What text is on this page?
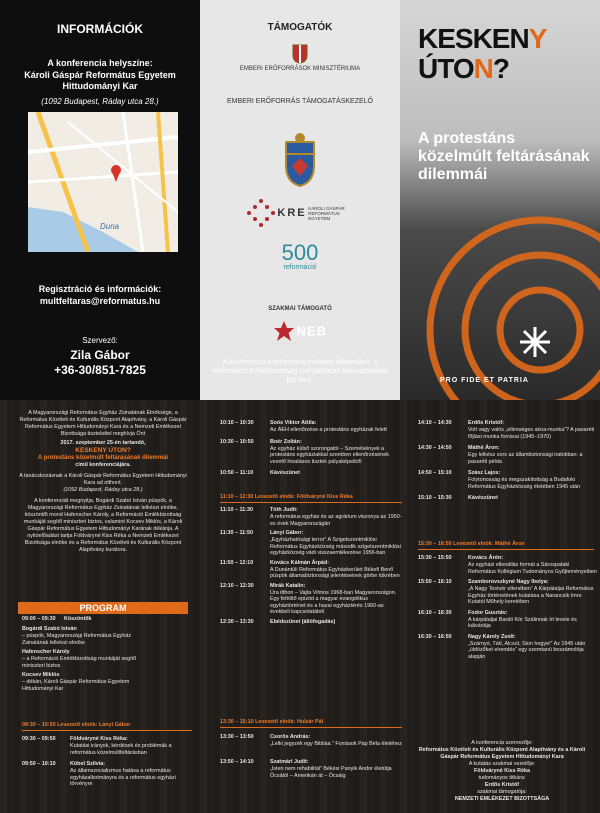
INFORMÁCIÓK
A konferencia helyszíne:
Károli Gáspár Református Egyetem Hittudományi Kar
(1092 Budapest, Ráday utca 28.)
Duna
Regisztráció és információk:
multfeltaras@reformatus.hu
Szervező:
Zila Gábor
+36-30/851-7825
TÁMOGATÓK
EMBERI ERŐFORRÁSOK MINISZTÉRIUMA
EMBERI ERŐFORRÁS TÁMOGATÁSKEZELŐ
KRE KÁROLI GÁSPÁR REFORMÁTUS EGYETEM
500
reformáció
SZAKMAI TÁMOGATÓ
NEB
NEMZETI EMLÉKEZET BIZOTTSÁGA
A konferencia a reformáció emlékév alkalmából, a Reformáció Emlékbizottság civil pályázati támogatásával jött létre.
KESKENY
ÚTON?
A protestáns közelmúlt feltárásának dilemmái
PRO FIDE ET PATRIA
A Magyarországi Református Egyház Zsinatának Elnöksége, a Református Közéleti és Kulturális Központ Alapítvány, a Károli Gáspár Református Egyetem Hittudományi Kara és a Nemzeti Emlékezet Bizottsága tisztelettel meghívja Önt
2017. szeptember 25-én tartandó,
KESKENY ÚTON?
A protestáns közelmúlt feltárásának dilemmái
című konferenciájára.
A tanácskozásnak a Károli Gáspár Református Egyetem Hittudományi Kara ad otthont.
(1092 Budapest, Ráday utca 28.)
A konferenciát megnyitja, Bogárdi Szabó István püspök, a Magyarországi Református Egyház Zsinatának lelkészi elnöke, köszöntőt mond Hafenscher Károly, a Reformáció Emlékbizottság munkáját segítő miniszteri biztos, valamint Kocsev Miklós, a Károli Gáspár Református Egyetem Hittudományi Karának dékánja. A nyitóelőadást tartja Földváryné Kiss Réka a Nemzeti Emlékezet Bizottsága elnöke és a Református Közéleti és Kulturális Központ Alapítvány kurátora.
PROGRAM
09:00 – 09:30 Köszöntők
Bogárdi Szabó István
– püspök, Magyarországi Református Egyház Zsinatának lelkészi elnöke
Hafenscher Károly
– a Reformáció Emlékbizottság munkáját segítő miniszteri biztos
Kocsev Miklós
– dékán, Károli Gáspár Református Egyetem Hittudományi Kar
09:30 – 10:50 Levezető elnök: Lányi Gábor
09:30 – 09:50	Földváryné Kiss Réka:
Kutatási irányok, kérdések és problémák a református közelmúltfeltárásban
09:50 – 10:10	Köbel Szilvia:
Az államszocializmus hatása a református egyházalkotmányra és a református egyházi törvényre
10:10 – 10:30	Soós Viktor Attila:
Az ÁEH ellenőrzése a protestáns egyházak felett
10:30 – 10:50	Boér Zoltán:
Az egyház külső szorongatói – Személvények a protestáns egyháziakkal szemben ellenőrzésének vezető hivatásos tisztek pályaképeiből
10:50 – 11:10	Kávészünet
11:10 – 12:30 Levezető elnök: Földváryné Kiss Réka
11:10 – 11:30	Tóth Judit:
A református egyház és az agrárium viszonya az 1950-es évek Magyarországán
11:30 – 11:50	Lányi Gábor:
„Egyházhatósági terror” A Szigetszentmiklósi Református Egyházközség második szigetszentmiklósi egyházközség vádi visszaemlékezése 1956-ban
11:50 – 12:10	Kovács Kálmán Árpád:
A Dunántúli Református Egyházkerület Békefi Benő püspök államabiztonsági jelentéseinek görbe tükrében
12:10 – 12:30	Mirák Katalin:
Úra itthon – Vajta Vilmos 1968-ban Magyarországon. Egy feltöltő epizód a magyar evangélikus egyháztörténet és a hazai egyháztérés 1960-as évekbeli kapcsolatából
12:30 – 13:30	Ebédszünet (állófogadás)
13:30 – 15:10 Levezető elnök: Hulzár Pál
13:30 – 13:50	Csorös András:
„Lelki jegyzék egy Bibliáa.” Források Pap Béla életéhez
13:50 – 14:10	Szatmári Judit:
„Isten nem rehabilitál” Békési Panyik Andor életútja Öcsától – Amerikán át – Öcsáig
14:10 – 14:30	Erdős Kristóf:
Volt vagy valós „ellenséges akna-munka”? A pasaréti főjlási munka forrásai (1945–1970)
14:30 – 14:50	Máthé Áron:
Egy lelkész sors az állambiztonsági iratokban: a pasaréti példa
14:50 – 15:10	Szász Lajos:
Folytonosság és megszakítottság a Budafoki Református Egyházközség életében 1945 után
15:10 – 15:30	Kávészünet
15:30 – 16:50 Levezető elnök: Máthé Áron
15:30 – 15:50	Kovács Árón:
Az egyházi ellenállás formái a Sárospataki Református Kollégium Tudományos Gyűjteményeiben
15:50 – 16:10	Szamborovszkyné Nagy Ibolya:
„A Nagy Testvér ellenében” A Kárpátaljai Református Egyház történetének kutatása a Narancsik Imre Kutatói Műhely keretében
16:10 – 16:30	Fodor Gusztáv:
A kárpátaljai Baráti Kör Szálinnak írt levele és kálváriája
16:30 – 16:50	Nagy Károly Zsolt:
„Szárnyó, Tátí, Alcsút, Sion hegye!” Az 1945 után „üldözőket elrendés” egy szemtanú beszámolója alapján
A konferencia szervezője:
Református Közéleti és Kulturális Központ Alapítvány és a Károli Gáspár Református Egyetem Hittudományi Kara
A kutatás szakmai vezetője:
Földváryné Kiss Réka
tudományos titkára:
Erdős Kristóf
szakmai támogatója:
NEMZETI EMLÉKEZET BIZOTTSÁGA
